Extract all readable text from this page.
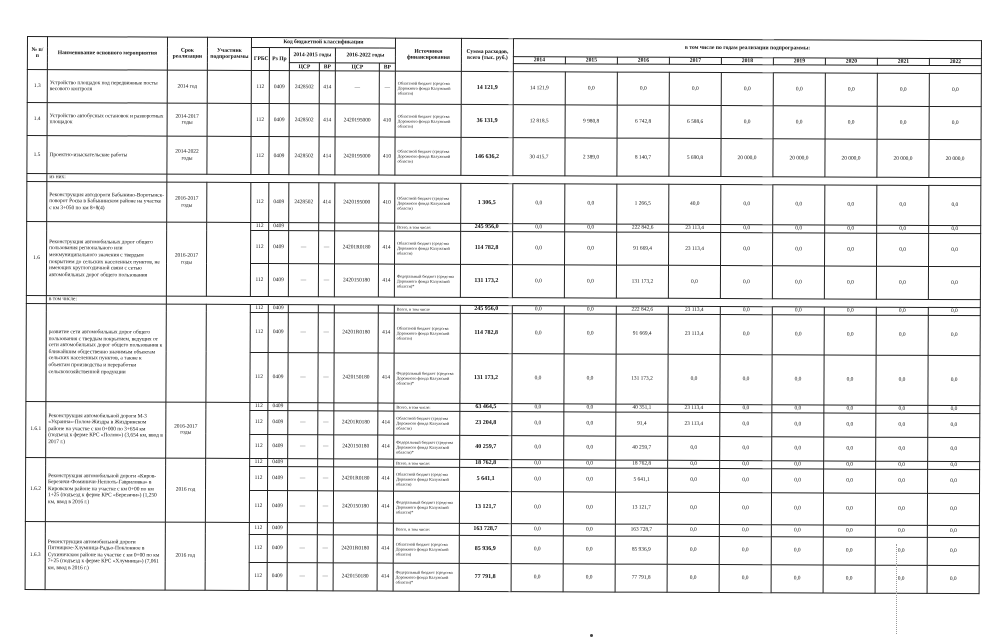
№ п/п	Наименование основного мероприятия	Срок реализации	Участник подпрограммы	Код бюджетной классификации						Источники финансирования	Сумма расходов, всего (тыс. руб.)	в том числе по годам реализации подпрограммы:								
				ГРБС	Рз Пр	2014-2015 годы		2016-2022 годы												
												2014	2015	2016	2017	2018	2019	2020	2021	2022
						ЦСР	ВР	ЦСР	ВР											
1.3	Устройство площадок под передвижные посты весового контроля	2014 год		112	0409	2428502	414	—	—	Областной бюджет (средства Дорожного фонда Калужской области)	14 121,9	14 121,9	0,0	0,0	0,0	0,0	0,0	0,0	0,0	0,0
1.4	Устройство автобусных остановок и разворотных площадок	2014-2017 годы		112	0409	2428502	414	2420195000	410	Областной бюджет (средства Дорожного фонда Калужской области)	36 131,9	12 818,5	9 980,8	6 742,8	6 588,6	0,0	0,0	0,0	0,0	0,0
1.5	Проектно-изыскательские работы	2014-2022 годы		112	0409	2428502	414	2420195000	410	Областной бюджет (средства Дорожного фонда Калужской области)	146 636,2	30 415,7	2 389,0	8 140,7	5 690,8	20 000,0	20 000,0	20 000,0	20 000,0	20 000,0
	из них:																			
	Реконструкция автодороги Бабынино-Воротынск-поворот Росва в Бабынинском районе на участке с км 3+050 по км 8+8(4)	2016-2017 годы		112	0409	2428502	414	2420195000	410	Областной бюджет (средства Дорожного фонда Калужской области)	1 306,5	0,0	0,0	1 266,5	40,0	0,0	0,0	0,0	0,0	0,0
1.6	Реконструкция автомобильных дорог общего пользования регионального или межмуниципального значения с твердым покрытием до сельских населенных пунктов, не имеющих круглогодичной связи с сетью автомобильных дорог общего пользования	2016-2017 годы		112	0409					Всего, в том числе:	245 956,0	0,0	0,0	222 842,6	23 113,4	0,0	0,0	0,0	0,0	0,0
				112	0409	—	—	24201R0180	414	Областной бюджет (средства Дорожного фонда Калужской области)	114 782,8	0,0	0,0	91 669,4	23 113,4	0,0	0,0	0,0	0,0	0,0
				112	0409	—	—	2420150180	414	Федеральный бюджет (средства Дорожного фонда Калужской области)*	131 173,2	0,0	0,0	131 173,2	0,0	0,0	0,0	0,0	0,0	0,0
	в том числе:																			
	развитие сети автомобильных дорог общего пользования с твердым покрытием, ведущих от сети автомобильных дорог общего пользования к ближайшим общественно значимым объектам сельских населенных пунктов, а также к объектам производства и переработки сельскохозяйственной продукции			112	0409					Всего, в том числе	245 956,0	0,0	0,0	222 842,6	23 113,4	0,0	0,0	0,0	0,0	0,0
				112	0409	—	—	24201R0180	414	Областной бюджет (средства Дорожного фонда Калужской области)	114 782,8	0,0	0,0	91 669,4	23 113,4	0,0	0,0	0,0	0,0	0,0
				112	0409	—	—	2420150180	414	Федеральный бюджет (средства Дорожного фонда Калужской области)*	131 173,2	0,0	0,0	131 173,2	0,0	0,0	0,0	0,0	0,0	0,0
1.6.1	Реконструкция автомобильной дороги М-3 «Украина»-Полом-Жиздра в Жиздринском районе на участке с км 0+000 по 3+654 км (подъезд к ферме КРС «Полом») (3,654 км, ввод в 2017 г.)	2016-2017 годы		112	0409					Всего, в том числе:	63 464,5	0,0	0,0	40 351,1	23 113,4	0,0	0,0	0,0	0,0	0,0
				112	0409	—	—	24201R0180	414	Областной бюджет (средства Дорожного фонда Калужской области)	23 204,8	0,0	0,0	91,4	23 113,4	0,0	0,0	0,0	0,0	0,0
				112	0409	—	—	2420150180	414	Федеральный бюджет (средства Дорожного фонда Калужской области)*	40 259,7	0,0	0,0	40 259,7	0,0	0,0	0,0	0,0	0,0	0,0
1.6.2	Реконструкция автомобильной дороги «Киров-Березичи-Фоминичи-Неплоть-Гавриловка» в Кировском районе на участке с км 0+00 по км 1+25 (подъезд к ферме КРС «Березичи») (1,250 км, ввод в 2016 г.)	2016 год		112	0409					Всего, в том числе:	18 762,8	0,0	0,0	18 762,8	0,0	0,0	0,0	0,0	0,0	0,0
				112	0409	—	—	24201R0180	414	Областной бюджет (средства Дорожного фонда Калужской области)	5 641,1	0,0	0,0	5 641,1	0,0	0,0	0,0	0,0	0,0	0,0
				112	0409	—	—	2420150180	414	Федеральный бюджет (средства Дорожного фонда Калужской области)*	13 121,7	0,0	0,0	13 121,7	0,0	0,0	0,0	0,0	0,0	0,0
1.6.3	Реконструкция автомобильной дороги Пятницкое-Хлумница-Радьо-Поклонное в Сухиничском районе на участке с км 0+00 по км 7+25 (подъезд к ферме КРС «Хлумница») (7,061 км, ввод в 2016 г.)	2016 год		112	0409					Всего, в том числе:	163 728,7	0,0	0,0	163 728,7	0,0	0,0	0,0	0,0	0,0	0,0
				112	0409	—	—	24201R0180	414	Областной бюджет (средства Дорожного фонда Калужской области)	85 936,9	0,0	0,0	85 936,9	0,0	0,0	0,0	0,0	0,0	0,0
				112	0409	—	—	2420150180	414	Федеральный бюджет (средства Дорожного фонда Калужской области)*	77 791,8	0,0	0,0	77 791,8	0,0	0,0	0,0	0,0	0,0	0,0
